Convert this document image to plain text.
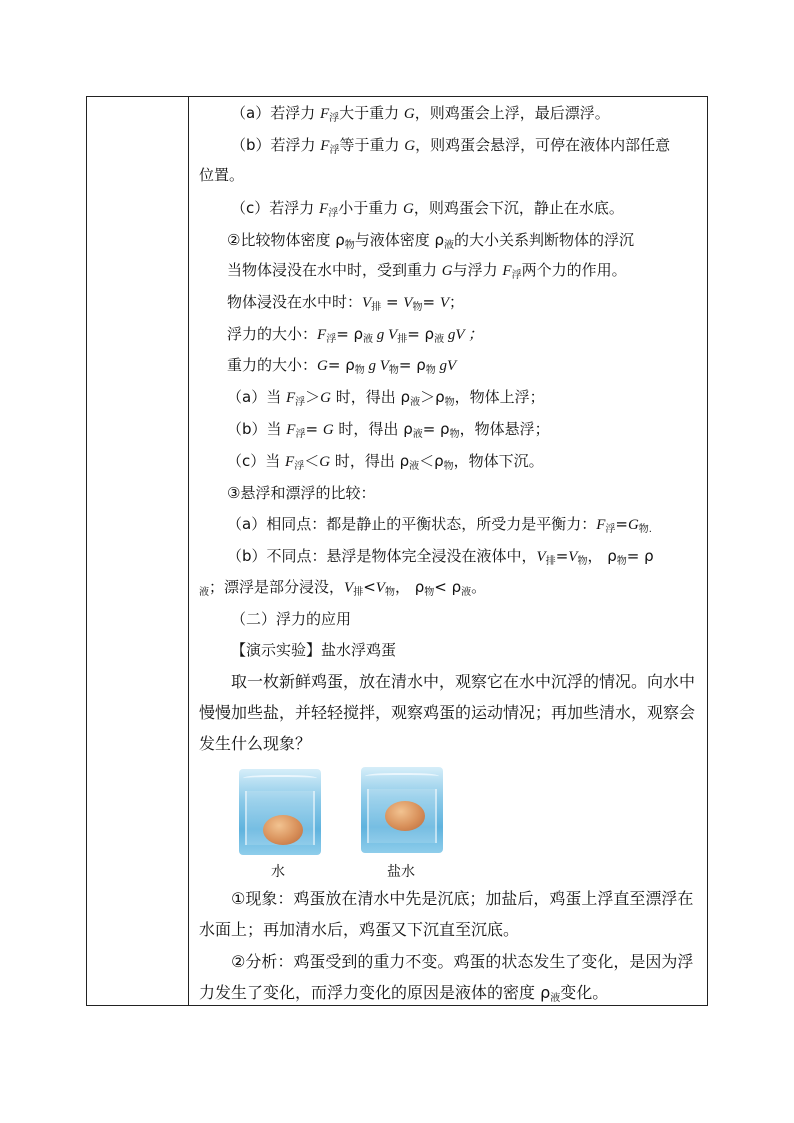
（a）若浮力 $F_浮$大于重力 G，则鸡蛋会上浮，最后漂浮。
（b）若浮力 $F_浮$等于重力 G，则鸡蛋会悬浮，可停在液体内部任意
位置。
（c）若浮力 $F_浮$小于重力 G，则鸡蛋会下沉，静止在水底。
②比较物体密度 $\rho_物$与液体密度 $\rho_液$的大小关系判断物体的浮沉
当物体浸没在水中时，受到重力 G与浮力 $F_浮$两个力的作用。
物体浸没在水中时：$V_排 = V_物= V$；
浮力的大小：$F_浮= \rho_液$ g $V_排= \rho_液$ gV ；
重力的大小：$G= \rho_物$ g $V_物= \rho_物$ gV
（a）当 $F_浮>G$ 时，得出 $\rho_液>\rho_物$，物体上浮；
（b）当 $F_浮= G$ 时，得出 $\rho_液= \rho_物$，物体悬浮；
（c）当 $F_浮<G$ 时，得出 $\rho_液<\rho_物$，物体下沉。
③悬浮和漂浮的比较：
（a）相同点：都是静止的平衡状态，所受力是平衡力：$F_浮=G_{物.}$
（b）不同点：悬浮是物体完全浸没在液体中，$V_排=V_物$， $\rho_物= \rho$
$_液$；漂浮是部分浸没，$V_排<V_物$， $\rho_物< \rho_液$。
（二）浮力的应用
【演示实验】盐水浮鸡蛋
取一枚新鲜鸡蛋，放在清水中，观察它在水中沉浮的情况。向水中
慢慢加些盐，并轻轻搅拌，观察鸡蛋的运动情况；再加些清水，观察会
发生什么现象？
水	盐水
①现象：鸡蛋放在清水中先是沉底；加盐后，鸡蛋上浮直至漂浮在
水面上；再加清水后，鸡蛋又下沉直至沉底。
②分析：鸡蛋受到的重力不变。鸡蛋的状态发生了变化，是因为浮
力发生了变化，而浮力变化的原因是液体的密度 $\rho_液$变化。
